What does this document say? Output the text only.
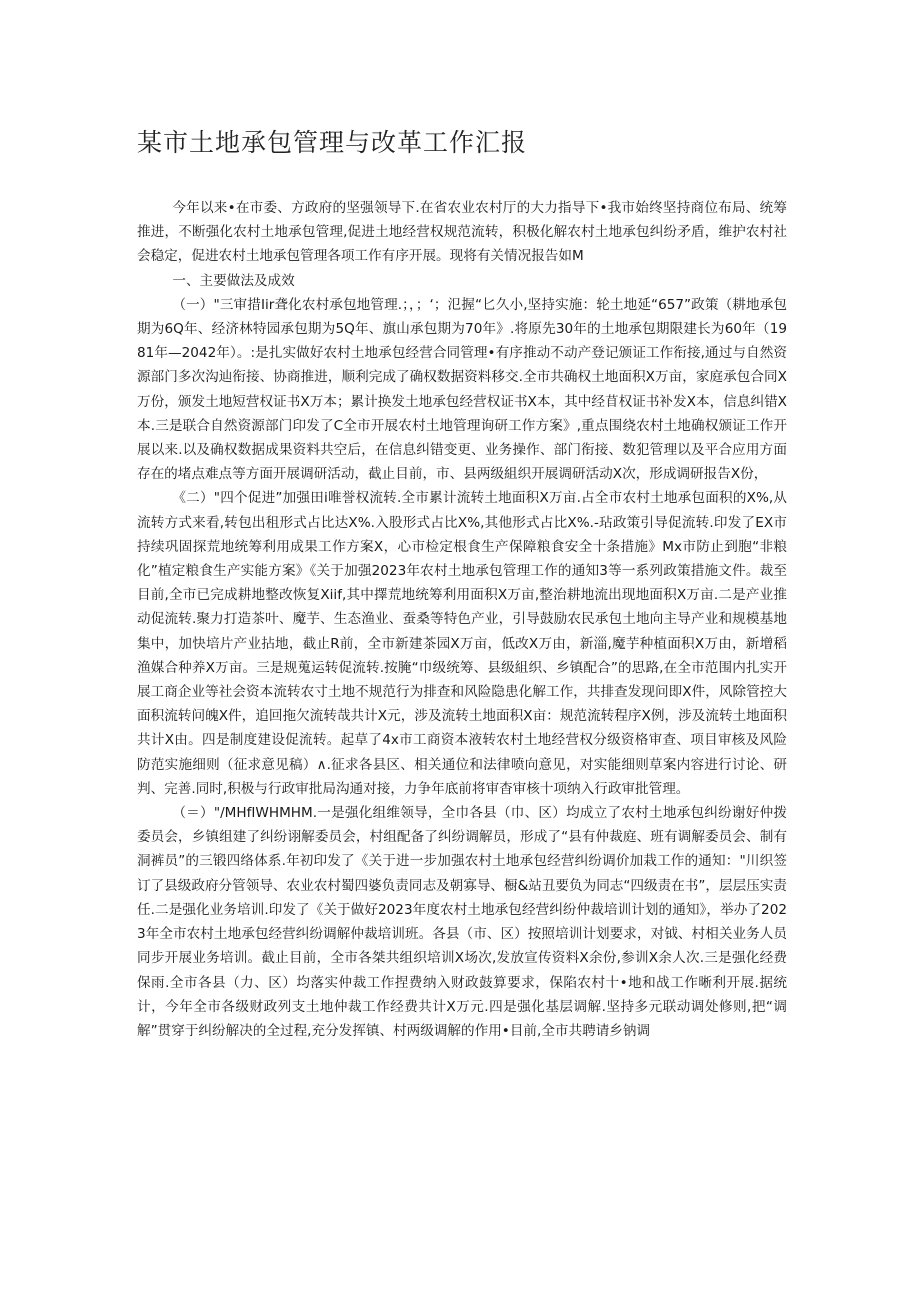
某市土地承包管理与改革工作汇报

今年以来•在市委、方政府的坚强领导下.在省农业农村厅的大力指导下•我市始终坚持商位布局、统筹推进，不断强化农村土地承包管理,促进土地经营权规范流转，积极化解农村土地承包纠纷矛盾，维护农村社会稳定，促进农村土地承包管理各项工作有序开展。现将有关情况报告如M

一、主要做法及成效

（一）"三审措Iir聋化农村承包地管理.；，；‘；氾握“匕久小,坚持实施：轮土地延“657”政策（耕地承包期为6Q年、经济林特园承包期为5Q年、旗山承包期为70年》.将原先30年的土地承包期限建长为60年（1981年—2042年）。:是扎实做好农村土地承包经营合同管理•有序推动不动产登记颁证工作衔接,通过与自然资源部门多次沟辿衔接、协商推进，顺利完成了确权数据资料移交.全市共确权土地面积X万亩，家庭承包合同X万份，颁发土地短营权证书X万本；累计换发土地承包经营权证书X本，其中经苜权证书补发X本，信息纠错X本.三是联合自然资源部门印发了C全市开展农村土地管理询研工作方案》,重点围绕农村土地确权颁证工作开展以来.以及确权数据成果资料共空后，在信息纠错变更、业务操作、部门衔接、数犯管理以及平合应用方面存在的堵点难点等方面开展调研活动，截止目前，市、县两级組织开展调研活动X次，形成调研报告X份，

《二）"四个促进”加强田i唯誉权流转.全市累计流转土地面积X万亩.占全市农村土地承包面积的X%,从流转方式来看,转包出租形式占比达X%.入股形式占比X%,其他形式占比X%.-玷政策引导促流转.印发了EX市持续巩固探荒地统筹利用成果工作方案X，心市检定根食生产保障粮食安全十条措施》Mx市防止到胞“非粮化”植定粮食生产实能方案》《关于加强2023年农村土地承包管理工作的通知3等一系列政策措施文件。裁至目前,全市已完成耕地整改恢复Xiif,其中擇荒地统筹利用面积X万亩,整治耕地流出现地面积X万亩.二是产业推动促流转.聚力打造茶叶、魔芋、生态渔业、蚕桑等特色产业，引导鼓励农民承包土地向主导产业和规模基地集中，加快培片产业拈地，截止R前，全市新建茶园X万亩，低改X万由，新淄,魔芋种植面积X万由，新增稻渔媒合种养X万亩。三是规蒐运转促流转.按腌“巾级统筹、县级組织、乡镇配合”的思路,在全市范围内扎实开展工商企业等社会资本流转农寸土地不规范行为排查和风险隐患化解工作，共排查发现问即X件，风除管控大面积流转问魄X件，追回拖欠流转哉共计X元，涉及流转土地面积X亩：规范流转程序X例，涉及流转土地面积共计X由。四是制度建设促流转。起草了4x市工商资本液转农村土地经营权分级资格审查、项目审核及风险防范实施细则（征求意见稿）∧.征求各县区、相关通位和法律喷向意见，对实能细则草案内容进行讨论、研判、完善.同时,积极与行政审批局沟通对接，力争年底前将审杳审核十项纳入行政审批管理。

（＝）"/MHfIWHMHM.一是强化组维领导，全巾各县（巾、区）均成立了农村土地承包纠纷谢好仲拨委员会，乡镇组建了纠纷诩解委员会，村组配备了纠纷调解员，形成了“县有仲裁庭、班有调解委员会、制有洞裤员”的三锻四络体系.年初印发了《关于进一步加强农村土地承包经营纠纷调价加栽工作的通知："川织签订了县级政府分管领导、农业农村蜀四婆负责同志及朝寡导、橱&站丑要负为同志“四级责在书”，层层压实责任.二是强化业务培训.印发了《关于做好2023年度农村土地承包经营纠纷仲裁培训计划的通知》，举办了2023年全市农村土地承包经营纠纷调解仲裁培训班。各县（市、区）按照培训计划要求，对钺、村相关业务人员同步开展业务培训。截止目前，全市各桀共组织培训X场次,发放宣传资料X余份,参训X余人次.三是强化经费保雨.全市各县（力、区）均落实仲裁工作捏费纳入财政鼓算要求，保陷农村十•地和战工作晰利开展.据统计，今年全市各级财政列支土地仲裁工作经费共计X万元.四是强化基层调解.坚持多元联动调处修则,把“调解”贯穿于纠纷解决的全过程,充分发挥镇、村两级调解的作用•目前,全市共聘请乡钠调
